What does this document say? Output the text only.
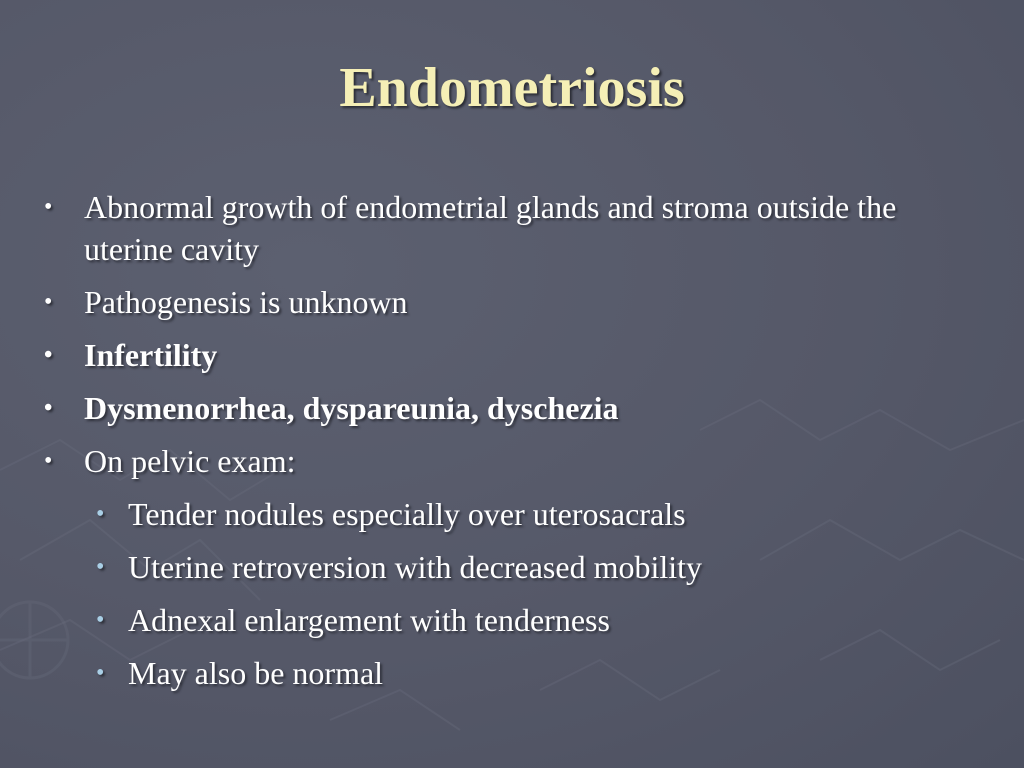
Endometriosis
• Abnormal growth of endometrial glands and stroma outside the uterine cavity
• Pathogenesis is unknown
• Infertility
• Dysmenorrhea, dyspareunia, dyschezia
• On pelvic exam:
• Tender nodules especially over uterosacrals
• Uterine retroversion with decreased mobility
• Adnexal enlargement with tenderness
• May also be normal
